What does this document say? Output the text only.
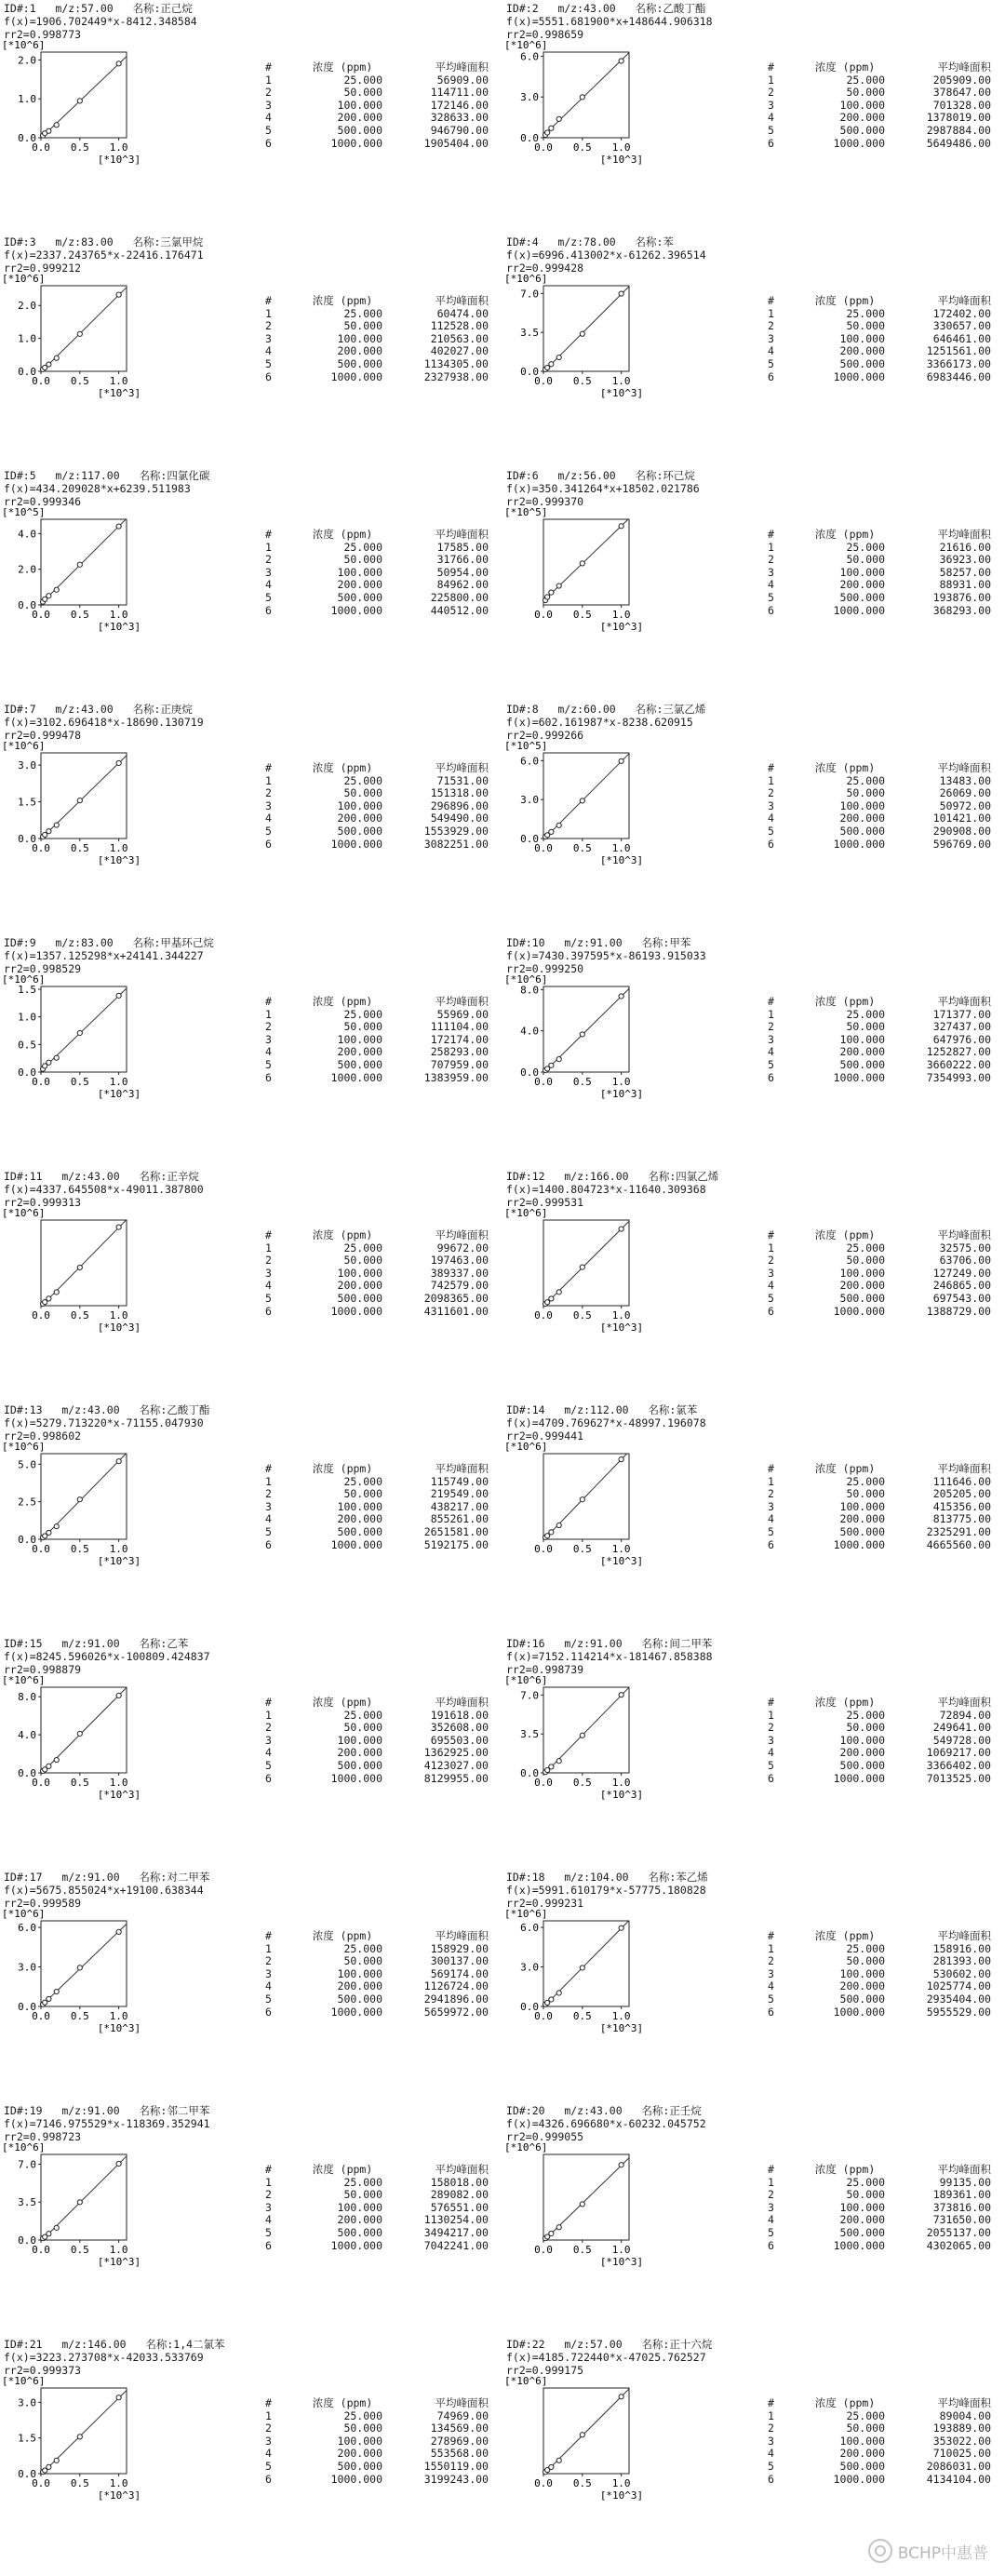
ID#:1 m/z:57.00 名称:正己烷
f(x)=1906.702449*x-8412.348584
rr2=0.998773
[*10^6]
0.0
1.0
2.0
0.0 0.5 1.0
[*10^3]
#	浓度 (ppm)	平均峰面积
1	25.000	56909.00
2	50.000	114711.00
3	100.000	172146.00
4	200.000	328633.00
5	500.000	946790.00
6	1000.000	1905404.00
ID#:2 m/z:43.00 名称:乙酸丁酯
f(x)=5551.681900*x+148644.906318
rr2=0.998659
[*10^6]
0.0
3.0
6.0
0.0 0.5 1.0
[*10^3]
#	浓度 (ppm)	平均峰面积
1	25.000	205909.00
2	50.000	378647.00
3	100.000	701328.00
4	200.000	1378019.00
5	500.000	2987884.00
6	1000.000	5649486.00
ID#:3 m/z:83.00 名称:三氯甲烷
f(x)=2337.243765*x-22416.176471
rr2=0.999212
[*10^6]
0.0
1.0
2.0
0.0 0.5 1.0
[*10^3]
#	浓度 (ppm)	平均峰面积
1	25.000	60474.00
2	50.000	112528.00
3	100.000	210563.00
4	200.000	402027.00
5	500.000	1134305.00
6	1000.000	2327938.00
ID#:4 m/z:78.00 名称:苯
f(x)=6996.413002*x-61262.396514
rr2=0.999428
[*10^6]
0.0
3.5
7.0
0.0 0.5 1.0
[*10^3]
#	浓度 (ppm)	平均峰面积
1	25.000	172402.00
2	50.000	330657.00
3	100.000	646461.00
4	200.000	1251561.00
5	500.000	3366173.00
6	1000.000	6983446.00
ID#:5 m/z:117.00 名称:四氯化碳
f(x)=434.209028*x+6239.511983
rr2=0.999346
[*10^5]
0.0
2.0
4.0
0.0 0.5 1.0
[*10^3]
#	浓度 (ppm)	平均峰面积
1	25.000	17585.00
2	50.000	31766.00
3	100.000	50954.00
4	200.000	84962.00
5	500.000	225800.00
6	1000.000	440512.00
ID#:6 m/z:56.00 名称:环己烷
f(x)=350.341264*x+18502.021786
rr2=0.999370
[*10^5]
0.0 0.5 1.0
[*10^3]
#	浓度 (ppm)	平均峰面积
1	25.000	21616.00
2	50.000	36923.00
3	100.000	58257.00
4	200.000	88931.00
5	500.000	193876.00
6	1000.000	368293.00
ID#:7 m/z:43.00 名称:正庚烷
f(x)=3102.696418*x-18690.130719
rr2=0.999478
[*10^6]
0.0
1.5
3.0
0.0 0.5 1.0
[*10^3]
#	浓度 (ppm)	平均峰面积
1	25.000	71531.00
2	50.000	151318.00
3	100.000	296896.00
4	200.000	549490.00
5	500.000	1553929.00
6	1000.000	3082251.00
ID#:8 m/z:60.00 名称:三氯乙烯
f(x)=602.161987*x-8238.620915
rr2=0.999266
[*10^5]
0.0
3.0
6.0
0.0 0.5 1.0
[*10^3]
#	浓度 (ppm)	平均峰面积
1	25.000	13483.00
2	50.000	26069.00
3	100.000	50972.00
4	200.000	101421.00
5	500.000	290908.00
6	1000.000	596769.00
ID#:9 m/z:83.00 名称:甲基环己烷
f(x)=1357.125298*x+24141.344227
rr2=0.998529
[*10^6]
0.0
0.5
1.0
1.5
0.0 0.5 1.0
[*10^3]
#	浓度 (ppm)	平均峰面积
1	25.000	55969.00
2	50.000	111104.00
3	100.000	172174.00
4	200.000	258293.00
5	500.000	707959.00
6	1000.000	1383959.00
ID#:10 m/z:91.00 名称:甲苯
f(x)=7430.397595*x-86193.915033
rr2=0.999250
[*10^6]
0.0
4.0
8.0
0.0 0.5 1.0
[*10^3]
#	浓度 (ppm)	平均峰面积
1	25.000	171377.00
2	50.000	327437.00
3	100.000	647976.00
4	200.000	1252827.00
5	500.000	3660222.00
6	1000.000	7354993.00
ID#:11 m/z:43.00 名称:正辛烷
f(x)=4337.645508*x-49011.387800
rr2=0.999313
[*10^6]
0.0 0.5 1.0
[*10^3]
#	浓度 (ppm)	平均峰面积
1	25.000	99672.00
2	50.000	197463.00
3	100.000	389337.00
4	200.000	742579.00
5	500.000	2098365.00
6	1000.000	4311601.00
ID#:12 m/z:166.00 名称:四氯乙烯
f(x)=1400.804723*x-11640.309368
rr2=0.999531
[*10^6]
0.0 0.5 1.0
[*10^3]
#	浓度 (ppm)	平均峰面积
1	25.000	32575.00
2	50.000	63706.00
3	100.000	127249.00
4	200.000	246865.00
5	500.000	697543.00
6	1000.000	1388729.00
ID#:13 m/z:43.00 名称:乙酸丁酯
f(x)=5279.713220*x-71155.047930
rr2=0.998602
[*10^6]
0.0
2.5
5.0
0.0 0.5 1.0
[*10^3]
#	浓度 (ppm)	平均峰面积
1	25.000	115749.00
2	50.000	219549.00
3	100.000	438217.00
4	200.000	855261.00
5	500.000	2651581.00
6	1000.000	5192175.00
ID#:14 m/z:112.00 名称:氯苯
f(x)=4709.769627*x-48997.196078
rr2=0.999441
[*10^6]
0.0 0.5 1.0
[*10^3]
#	浓度 (ppm)	平均峰面积
1	25.000	111646.00
2	50.000	205205.00
3	100.000	415356.00
4	200.000	813775.00
5	500.000	2325291.00
6	1000.000	4665560.00
ID#:15 m/z:91.00 名称:乙苯
f(x)=8245.596026*x-100809.424837
rr2=0.998879
[*10^6]
0.0
4.0
8.0
0.0 0.5 1.0
[*10^3]
#	浓度 (ppm)	平均峰面积
1	25.000	191618.00
2	50.000	352608.00
3	100.000	695503.00
4	200.000	1362925.00
5	500.000	4123027.00
6	1000.000	8129955.00
ID#:16 m/z:91.00 名称:间二甲苯
f(x)=7152.114214*x-181467.858388
rr2=0.998739
[*10^6]
0.0
3.5
7.0
0.0 0.5 1.0
[*10^3]
#	浓度 (ppm)	平均峰面积
1	25.000	72894.00
2	50.000	249641.00
3	100.000	549728.00
4	200.000	1069217.00
5	500.000	3366402.00
6	1000.000	7013525.00
ID#:17 m/z:91.00 名称:对二甲苯
f(x)=5675.855024*x+19100.638344
rr2=0.999589
[*10^6]
0.0
3.0
6.0
0.0 0.5 1.0
[*10^3]
#	浓度 (ppm)	平均峰面积
1	25.000	158929.00
2	50.000	300137.00
3	100.000	569174.00
4	200.000	1126724.00
5	500.000	2941896.00
6	1000.000	5659972.00
ID#:18 m/z:104.00 名称:苯乙烯
f(x)=5991.610179*x-57775.180828
rr2=0.999231
[*10^6]
0.0
3.0
6.0
0.0 0.5 1.0
[*10^3]
#	浓度 (ppm)	平均峰面积
1	25.000	158916.00
2	50.000	281393.00
3	100.000	530602.00
4	200.000	1025774.00
5	500.000	2935404.00
6	1000.000	5955529.00
ID#:19 m/z:91.00 名称:邻二甲苯
f(x)=7146.975529*x-118369.352941
rr2=0.998723
[*10^6]
0.0
3.5
7.0
0.0 0.5 1.0
[*10^3]
#	浓度 (ppm)	平均峰面积
1	25.000	158018.00
2	50.000	289082.00
3	100.000	576551.00
4	200.000	1130254.00
5	500.000	3494217.00
6	1000.000	7042241.00
ID#:20 m/z:43.00 名称:正壬烷
f(x)=4326.696680*x-60232.045752
rr2=0.999055
[*10^6]
0.0 0.5 1.0
[*10^3]
#	浓度 (ppm)	平均峰面积
1	25.000	99135.00
2	50.000	189361.00
3	100.000	373816.00
4	200.000	731650.00
5	500.000	2055137.00
6	1000.000	4302065.00
ID#:21 m/z:146.00 名称:1,4二氯苯
f(x)=3223.273708*x-42033.533769
rr2=0.999373
[*10^6]
0.0
1.5
3.0
0.0 0.5 1.0
[*10^3]
#	浓度 (ppm)	平均峰面积
1	25.000	74969.00
2	50.000	134569.00
3	100.000	278969.00
4	200.000	553568.00
5	500.000	1550119.00
6	1000.000	3199243.00
ID#:22 m/z:57.00 名称:正十六烷
f(x)=4185.722440*x-47025.762527
rr2=0.999175
[*10^6]
0.0 0.5 1.0
[*10^3]
#	浓度 (ppm)	平均峰面积
1	25.000	89004.00
2	50.000	193889.00
3	100.000	353022.00
4	200.000	710025.00
5	500.000	2086031.00
6	1000.000	4134104.00
BCHP中惠普
